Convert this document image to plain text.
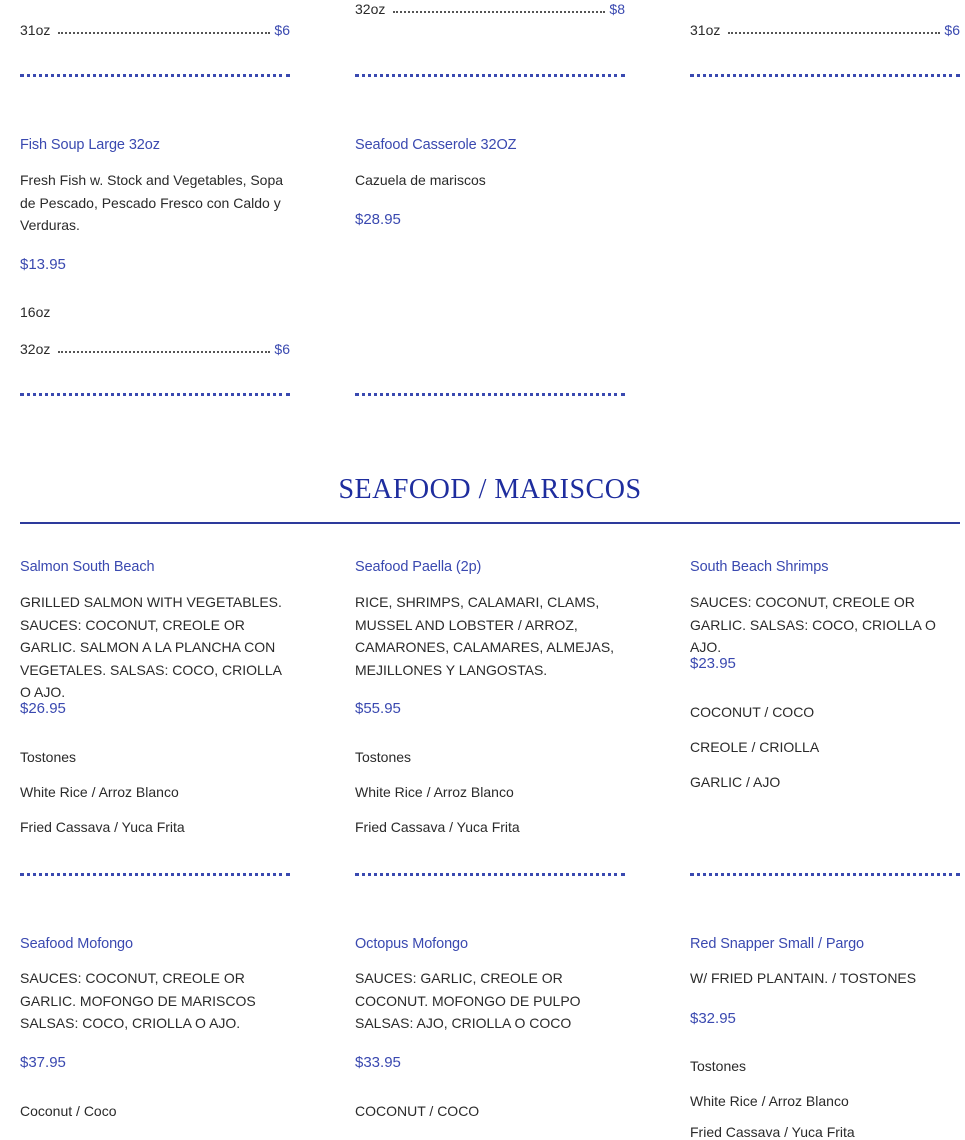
31oz	$6
32oz	$8
31oz	$6
Fish Soup Large 32oz
Fresh Fish w. Stock and Vegetables, Sopa de Pescado, Pescado Fresco con Caldo y Verduras.
$13.95
16oz
32oz	$6
Seafood Casserole 32OZ
Cazuela de mariscos
$28.95
SEAFOOD / MARISCOS
Salmon South Beach
GRILLED SALMON WITH VEGETABLES. SAUCES: COCONUT, CREOLE OR GARLIC. SALMON A LA PLANCHA CON VEGETALES. SALSAS: COCO, CRIOLLA O AJO.
$26.95
Tostones
White Rice / Arroz Blanco
Fried Cassava / Yuca Frita
Seafood Paella (2p)
RICE, SHRIMPS, CALAMARI, CLAMS, MUSSEL AND LOBSTER / ARROZ, CAMARONES, CALAMARES, ALMEJAS, MEJILLONES Y LANGOSTAS.
$55.95
Tostones
White Rice / Arroz Blanco
Fried Cassava / Yuca Frita
South Beach Shrimps
SAUCES: COCONUT, CREOLE OR GARLIC. SALSAS: COCO, CRIOLLA O AJO.
$23.95
COCONUT / COCO
CREOLE / CRIOLLA
GARLIC / AJO
Seafood Mofongo
SAUCES: COCONUT, CREOLE OR GARLIC. MOFONGO DE MARISCOS SALSAS: COCO, CRIOLLA O AJO.
$37.95
Coconut / Coco
Octopus Mofongo
SAUCES: GARLIC, CREOLE OR COCONUT. MOFONGO DE PULPO SALSAS: AJO, CRIOLLA O COCO
$33.95
COCONUT / COCO
Red Snapper Small / Pargo
W/ FRIED PLANTAIN. / TOSTONES
$32.95
Tostones
White Rice / Arroz Blanco
Fried Cassava / Yuca Frita
